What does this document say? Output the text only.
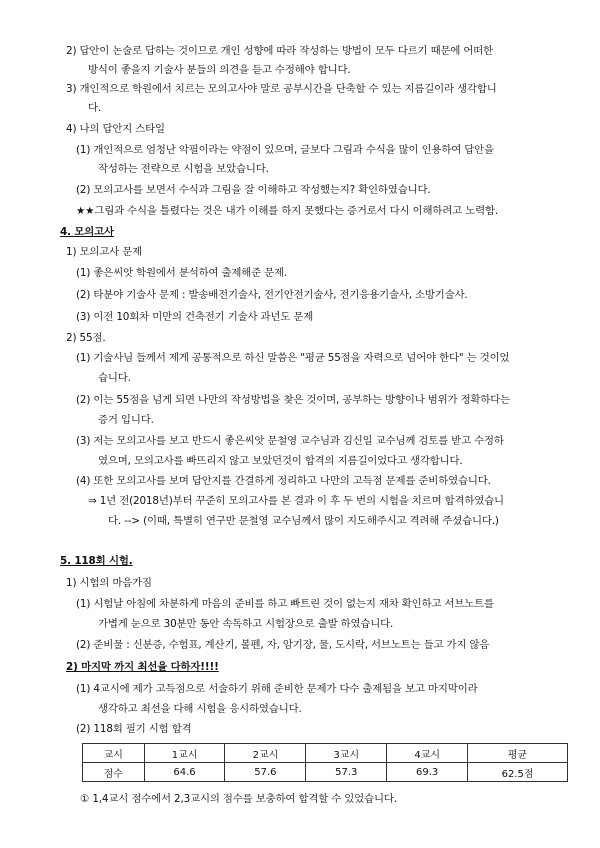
2) 답안이 논술로 답하는 것이므로 개인 성향에 따라 작성하는 방법이 모두 다르기 때문에 어떠한
방식이 좋을지 기술사 분들의 의견을 듣고 수정해야 합니다.
3) 개인적으로 학원에서 치르는 모의고사야 말로 공부시간을 단축할 수 있는 지름길이라 생각합니
다.
4) 나의 답안지 스타일
(1) 개인적으로 엄청난 악필이라는 약점이 있으며, 글보다 그림과 수식을 많이 인용하여 답안을
작성하는 전략으로 시험을 보았습니다.
(2) 모의고사를 보면서 수식과 그림을 잘 이해하고 작성했는지? 확인하였습니다.
★★그림과 수식을 틀렸다는 것은 내가 이해를 하지 못했다는 증거로서 다시 이해하려고 노력함.
4. 모의고사
1) 모의고사 문제
(1) 좋은씨앗 학원에서 분석하여 출제해준 문제.
(2) 타분야 기술사 문제 : 발송배전기술사, 전기안전기술사, 전기응용기술사, 소방기술사.
(3) 이전 10회차 미만의 건축전기 기술사 과년도 문제
2) 55점.
(1) 기술사님 들께서 제게 공통적으로 하신 말씀은 "평균 55점을 자력으로 넘어야 한다" 는 것이었
습니다.
(2) 이는 55점을 넘게 되면 나만의 작성방법을 찾은 것이며, 공부하는 방향이나 범위가 정확하다는
증거 입니다.
(3) 저는 모의고사를 보고 반드시 좋은씨앗 문철영 교수님과 김신일 교수님께 검토를 받고 수정하
였으며, 모의고사를 빠뜨리지 않고 보았던것이 합격의 지름길이었다고 생각합니다.
(4) 또한 모의고사를 보며 답안지를 간결하게 정리하고 나만의 고득점 문제를 준비하였습니다.
⇒ 1년 전(2018년)부터 꾸준히 모의고사를 본 결과 이 후 두 번의 시험을 치르며 합격하였습니
다. --> (이때, 특별히 연구반 문철영 교수님께서 많이 지도해주시고 격려해 주셨습니다.)
5. 118회 시험.
1) 시험의 마음가짐
(1) 시험날 아침에 차분하게 마음의 준비를 하고 빠트린 것이 없는지 재차 확인하고 서브노트를
가볍게 눈으로 30분만 동안 속독하고 시험장으로 출발 하였습니다.
(2) 준비물 : 신분증, 수험표, 계산기, 볼펜, 자, 암기장, 물, 도시락, 서브노트는 들고 가지 않음
2) 마지막 까지 최선을 다하자!!!!
(1) 4교시에 제가 고득점으로 서술하기 위해 준비한 문제가 다수 출제됨을 보고 마지막이라
생각하고 최선을 다해 시험을 응시하였습니다.
(2) 118회 필기 시험 합격
교시	1교시	2교시	3교시	4교시	평균
점수	64.6	57.6	57.3	69.3	62.5점
① 1,4교시 점수에서 2,3교시의 점수를 보충하여 합격할 수 있었습니다.
